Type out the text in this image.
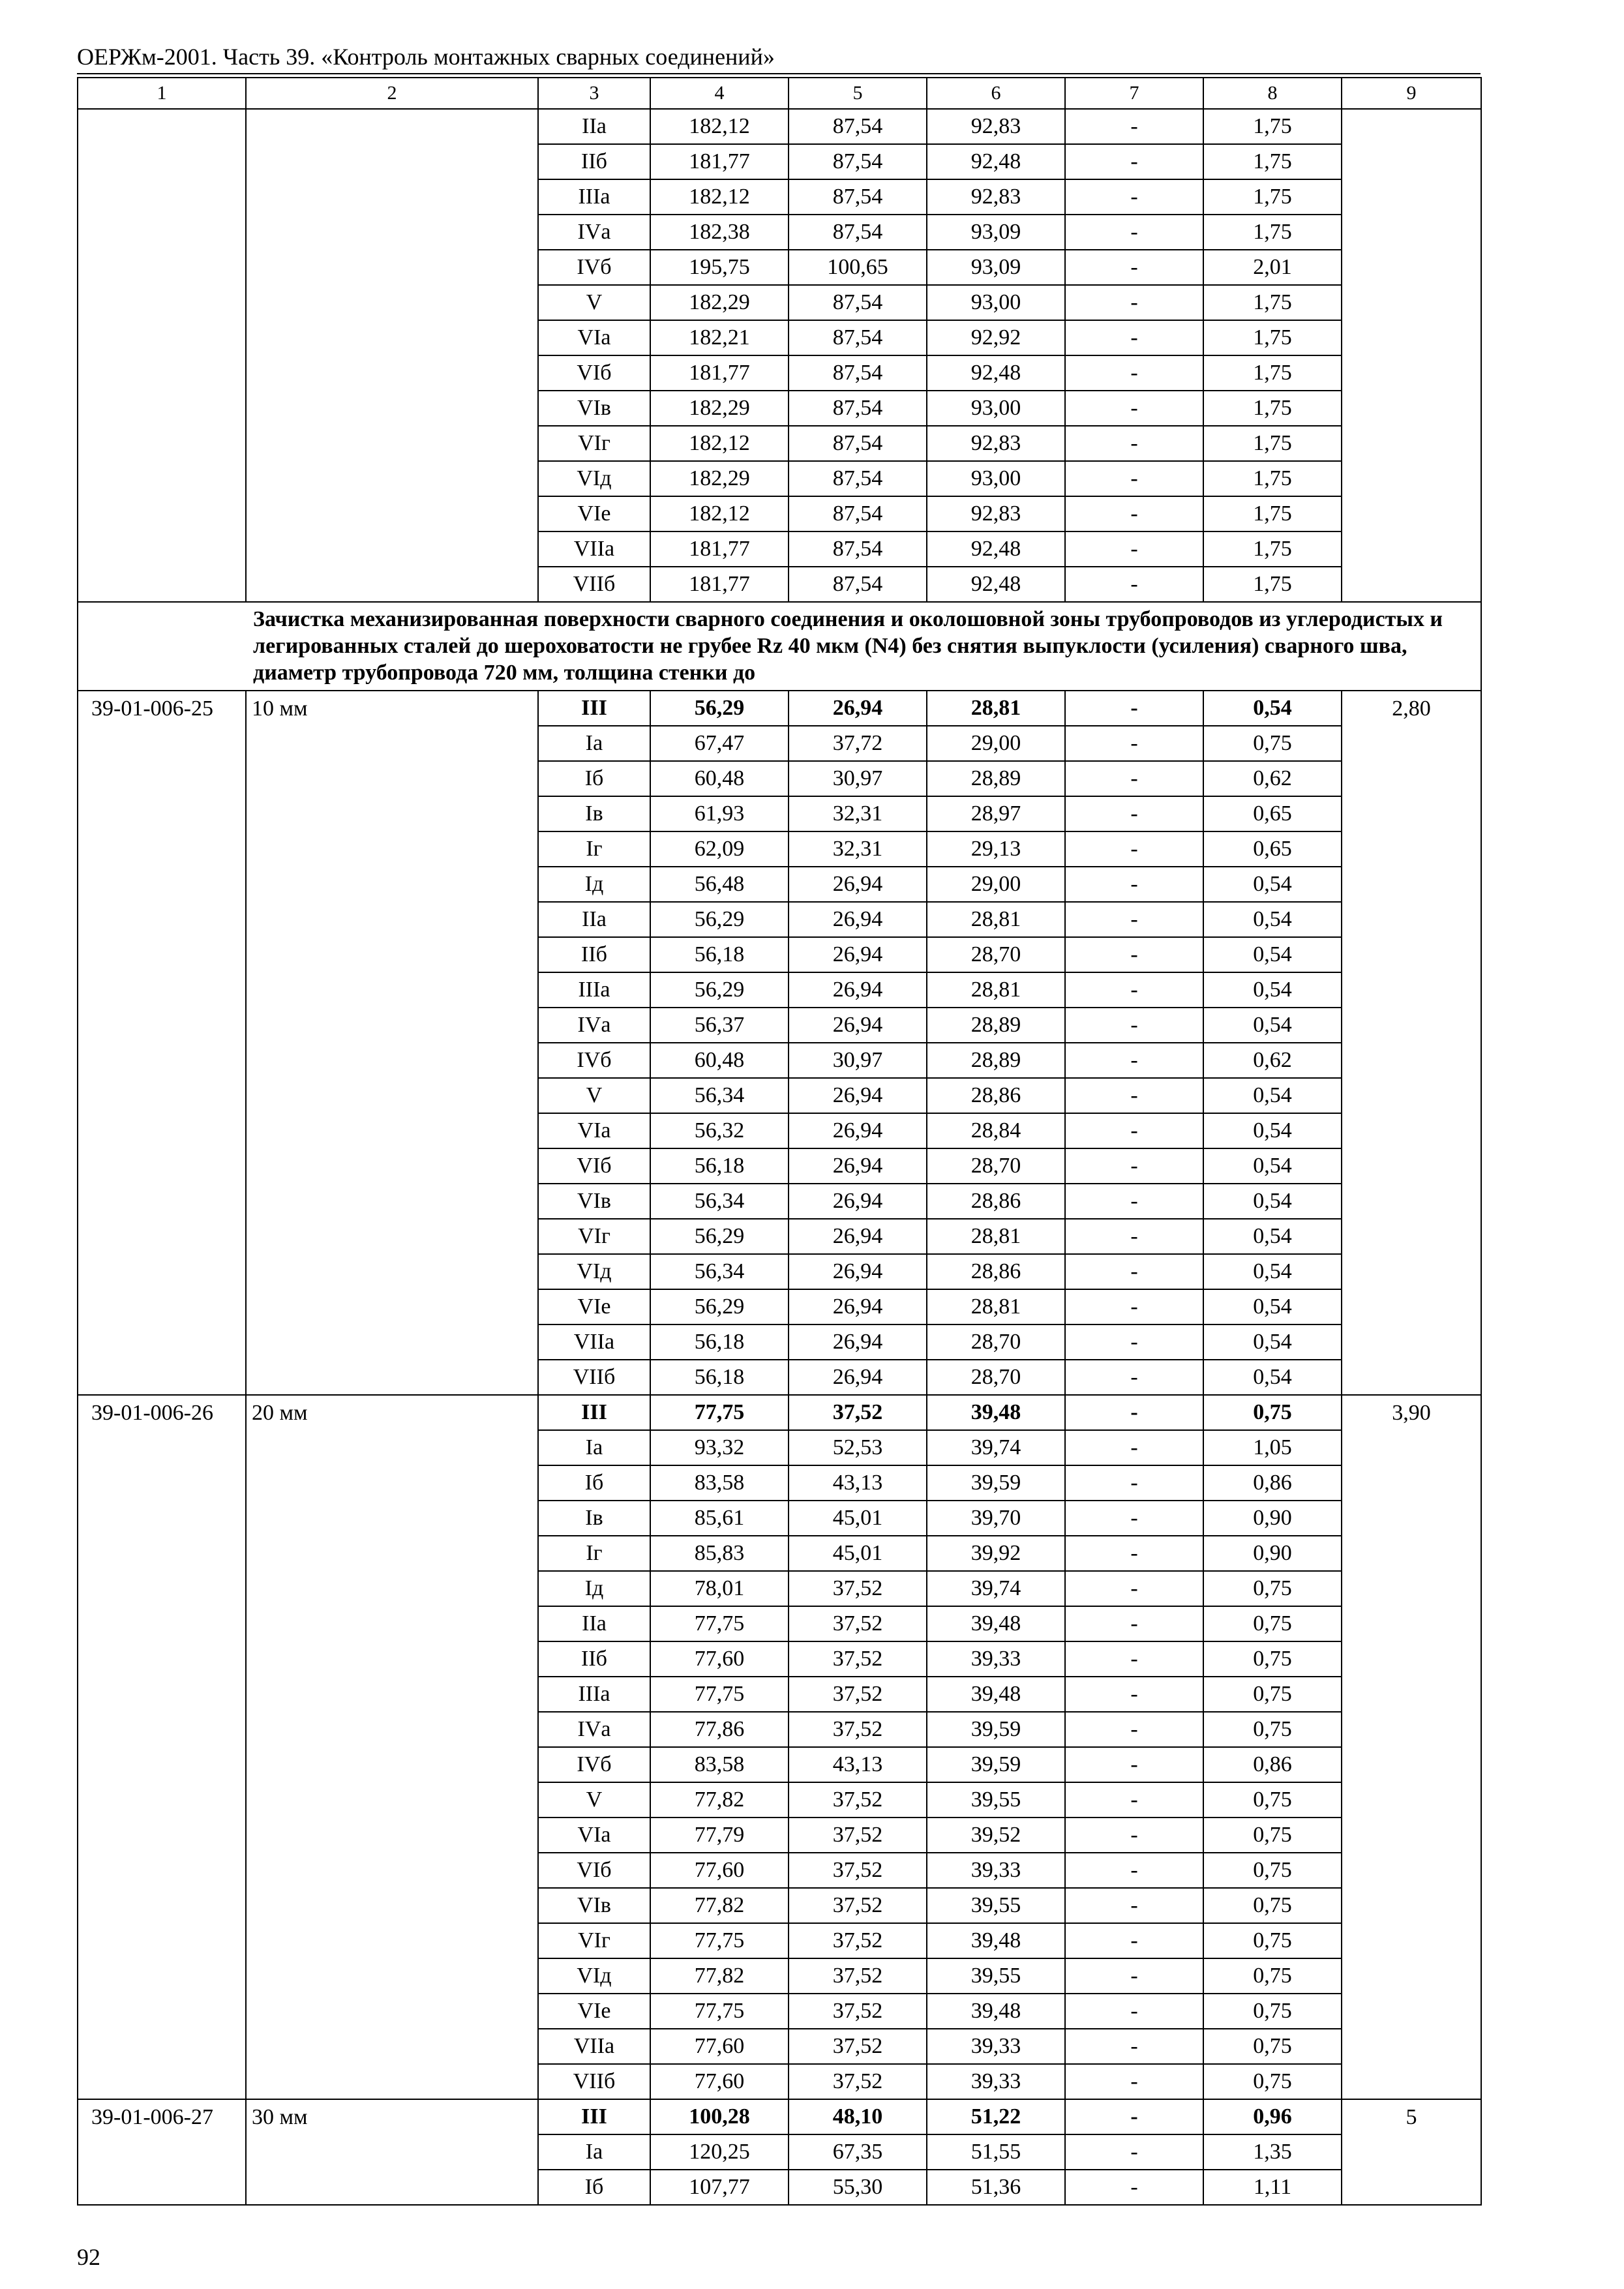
ОЕРЖм-2001. Часть 39. «Контроль монтажных сварных соединений»
1	2	3	4	5	6	7	8	9
		IIа	182,12	87,54	92,83	-	1,75	
		IIб	181,77	87,54	92,48	-	1,75	
		IIIа	182,12	87,54	92,83	-	1,75	
		IVа	182,38	87,54	93,09	-	1,75	
		IVб	195,75	100,65	93,09	-	2,01	
		V	182,29	87,54	93,00	-	1,75	
		VIа	182,21	87,54	92,92	-	1,75	
		VIб	181,77	87,54	92,48	-	1,75	
		VIв	182,29	87,54	93,00	-	1,75	
		VIг	182,12	87,54	92,83	-	1,75	
		VIд	182,29	87,54	93,00	-	1,75	
		VIе	182,12	87,54	92,83	-	1,75	
		VIIа	181,77	87,54	92,48	-	1,75	
		VIIб	181,77	87,54	92,48	-	1,75	
Зачистка механизированная поверхности сварного соединения и околошовной зоны трубопроводов из углеродистых и легированных сталей до шероховатости не грубее Rz 40 мкм (N4) без снятия выпуклости (усиления) сварного шва, диаметр трубопровода 720 мм, толщина стенки до								
39-01-006-25	10 мм	III	56,29	26,94	28,81	-	0,54	2,80
		Iа	67,47	37,72	29,00	-	0,75	
		Iб	60,48	30,97	28,89	-	0,62	
		Iв	61,93	32,31	28,97	-	0,65	
		Iг	62,09	32,31	29,13	-	0,65	
		Iд	56,48	26,94	29,00	-	0,54	
		IIа	56,29	26,94	28,81	-	0,54	
		IIб	56,18	26,94	28,70	-	0,54	
		IIIа	56,29	26,94	28,81	-	0,54	
		IVа	56,37	26,94	28,89	-	0,54	
		IVб	60,48	30,97	28,89	-	0,62	
		V	56,34	26,94	28,86	-	0,54	
		VIа	56,32	26,94	28,84	-	0,54	
		VIб	56,18	26,94	28,70	-	0,54	
		VIв	56,34	26,94	28,86	-	0,54	
		VIг	56,29	26,94	28,81	-	0,54	
		VIд	56,34	26,94	28,86	-	0,54	
		VIе	56,29	26,94	28,81	-	0,54	
		VIIа	56,18	26,94	28,70	-	0,54	
		VIIб	56,18	26,94	28,70	-	0,54	
39-01-006-26	20 мм	III	77,75	37,52	39,48	-	0,75	3,90
		Iа	93,32	52,53	39,74	-	1,05	
		Iб	83,58	43,13	39,59	-	0,86	
		Iв	85,61	45,01	39,70	-	0,90	
		Iг	85,83	45,01	39,92	-	0,90	
		Iд	78,01	37,52	39,74	-	0,75	
		IIа	77,75	37,52	39,48	-	0,75	
		IIб	77,60	37,52	39,33	-	0,75	
		IIIа	77,75	37,52	39,48	-	0,75	
		IVа	77,86	37,52	39,59	-	0,75	
		IVб	83,58	43,13	39,59	-	0,86	
		V	77,82	37,52	39,55	-	0,75	
		VIа	77,79	37,52	39,52	-	0,75	
		VIб	77,60	37,52	39,33	-	0,75	
		VIв	77,82	37,52	39,55	-	0,75	
		VIг	77,75	37,52	39,48	-	0,75	
		VIд	77,82	37,52	39,55	-	0,75	
		VIе	77,75	37,52	39,48	-	0,75	
		VIIа	77,60	37,52	39,33	-	0,75	
		VIIб	77,60	37,52	39,33	-	0,75	
39-01-006-27	30 мм	III	100,28	48,10	51,22	-	0,96	5
		Iа	120,25	67,35	51,55	-	1,35	
		Iб	107,77	55,30	51,36	-	1,11	
92
